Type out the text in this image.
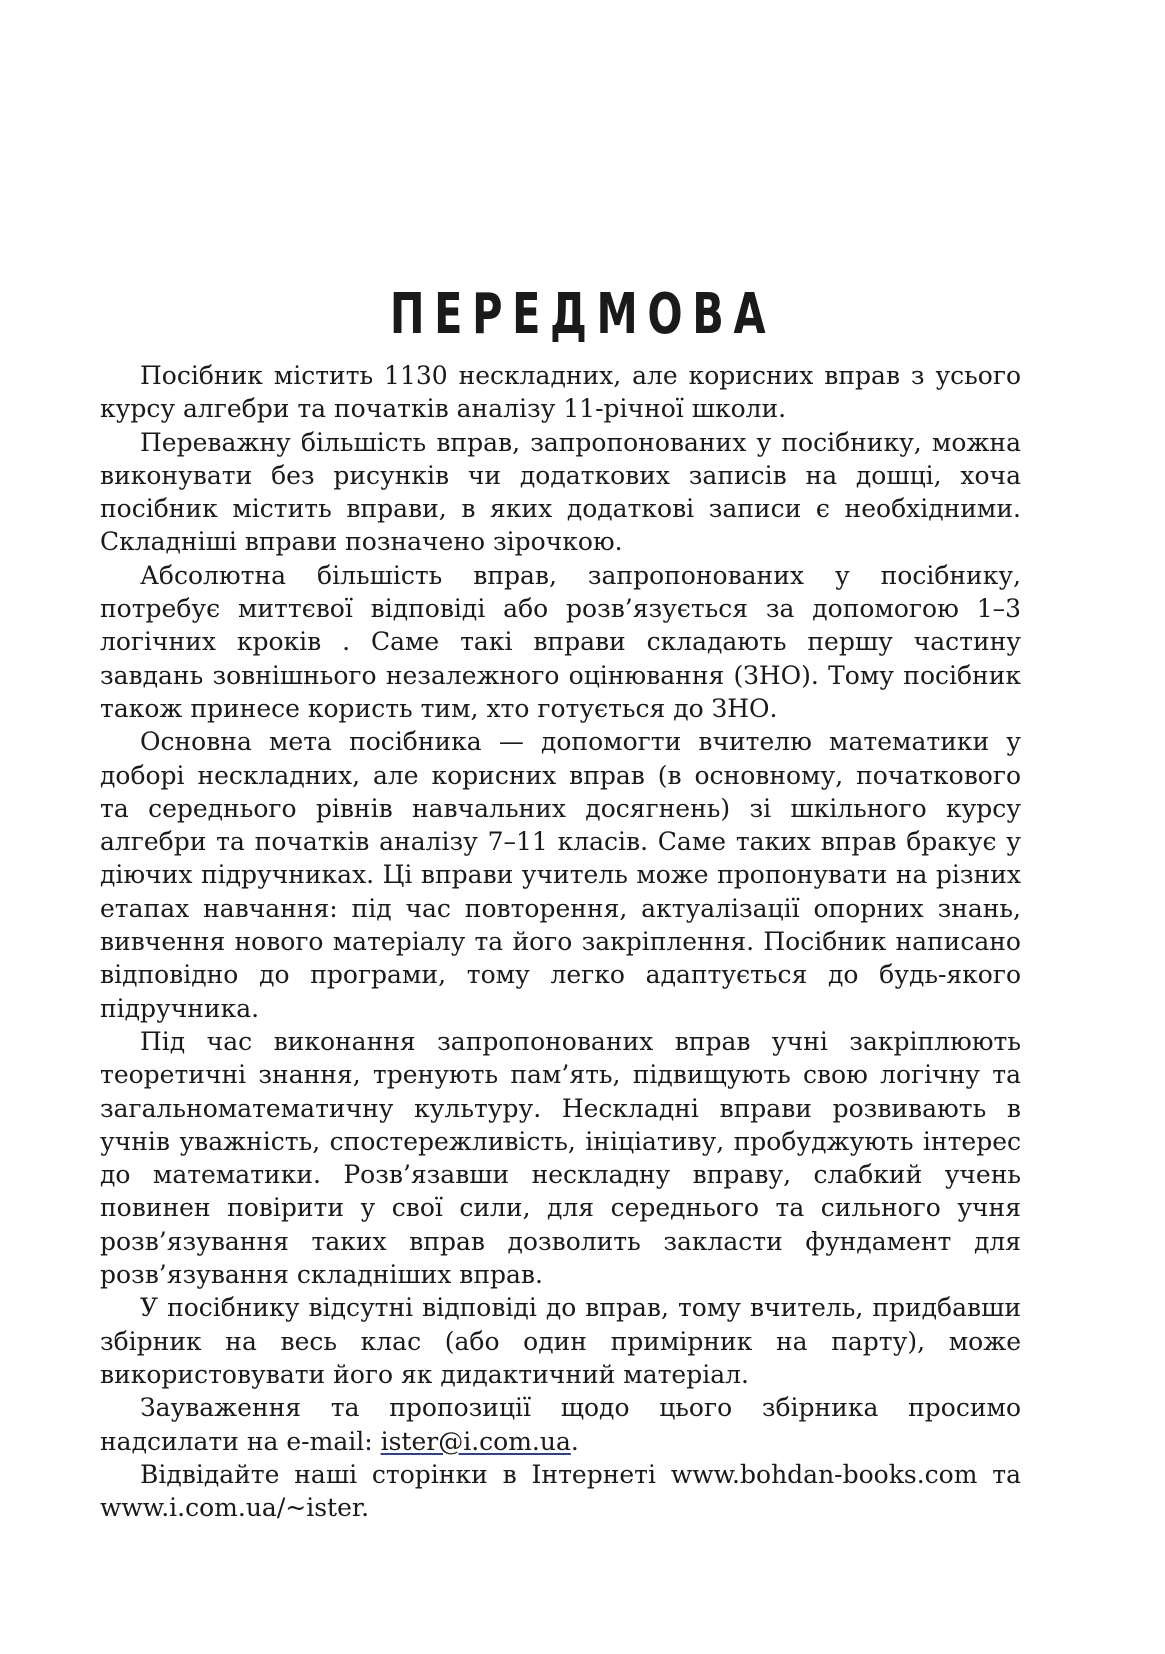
ПЕРЕДМОВА

Посібник містить 1130 нескладних, але корисних вправ з усього курсу алгебри та початків аналізу 11-річної школи.

Переважну більшість вправ, запропонованих у посібнику, можна виконувати без рисунків чи додаткових записів на дошці, хоча посібник містить вправи, в яких додаткові записи є необхідними. Складніші вправи позначено зірочкою.

Абсолютна більшість вправ, запропонованих у посібнику, потребує миттєвої відповіді або розв’язується за допомогою 1–3 логічних кроків . Саме такі вправи складають першу частину завдань зовнішнього незалежного оцінювання (ЗНО). Тому посібник також принесе користь тим, хто готується до ЗНО.

Основна мета посібника — допомогти вчителю математики у доборі нескладних, але корисних вправ (в основному, початкового та середнього рівнів навчальних досягнень) зі шкільного курсу алгебри та початків аналізу 7–11 класів. Саме таких вправ бракує у діючих підручниках. Ці вправи учитель може пропонувати на різних етапах навчання: під час повторення, актуалізації опорних знань, вивчення нового матеріалу та його закріплення. Посібник написано відповідно до програми, тому легко адаптується до будь-якого підручника.

Під час виконання запропонованих вправ учні закріплюють теоретичні знання, тренують пам’ять, підвищують свою логічну та загальноматематичну культуру. Нескладні вправи розвивають в учнів уважність, спостережливість, ініціативу, пробуджують інтерес до математики. Розв’язавши нескладну вправу, слабкий учень повинен повірити у свої сили, для середнього та сильного учня розв’язування таких вправ дозволить закласти фундамент для розв’язування складніших вправ.

У посібнику відсутні відповіді до вправ, тому вчитель, придбавши збірник на весь клас (або один примірник на парту), може використовувати його як дидактичний матеріал.

Зауваження та пропозиції щодо цього збірника просимо надсилати на e-mail: ister@i.com.ua.

Відвідайте наші сторінки в Інтернеті www.bohdan-books.com та www.i.com.ua/~ister.
